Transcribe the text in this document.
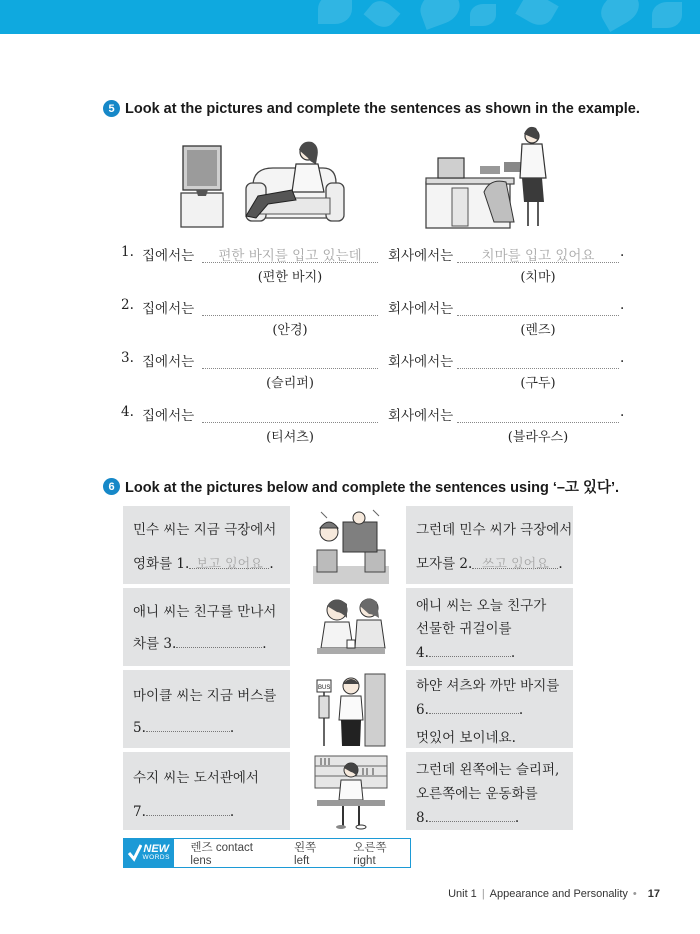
5 Look at the pictures and complete the sentences as shown in the example.
1. 집에서는	편한 바지를 입고 있는데	회사에서는	치마를 입고 있어요	.
(편한 바지)	(치마)
2. 집에서는	회사에서는	.
(안경)	(렌즈)
3. 집에서는	회사에서는	.
(슬리퍼)	(구두)
4. 집에서는	회사에서는	.
(티셔츠)	(블라우스)
6 Look at the pictures below and complete the sentences using ‘–고 있다’.
민수 씨는 지금 극장에서
영화를 1. 보고 있어요 .
그런데 민수 씨가 극장에서
모자를 2. 쓰고 있어요 .
애니 씨는 친구를 만나서
차를 3.	.
애니 씨는 오늘 친구가
선물한 귀걸이를
4.	.
마이클 씨는 지금 버스를
5.	.
BUS	하얀 셔츠와 까만 바지를
6.	.
멋있어 보이네요.
수지 씨는 도서관에서
7.	.
그런데 왼쪽에는 슬리퍼,
오른쪽에는 운동화를
8.	.
NEW
WORDS
렌즈 contact lens
왼쪽 left
오른쪽 right
Unit 1 | Appearance and Personality • 17
